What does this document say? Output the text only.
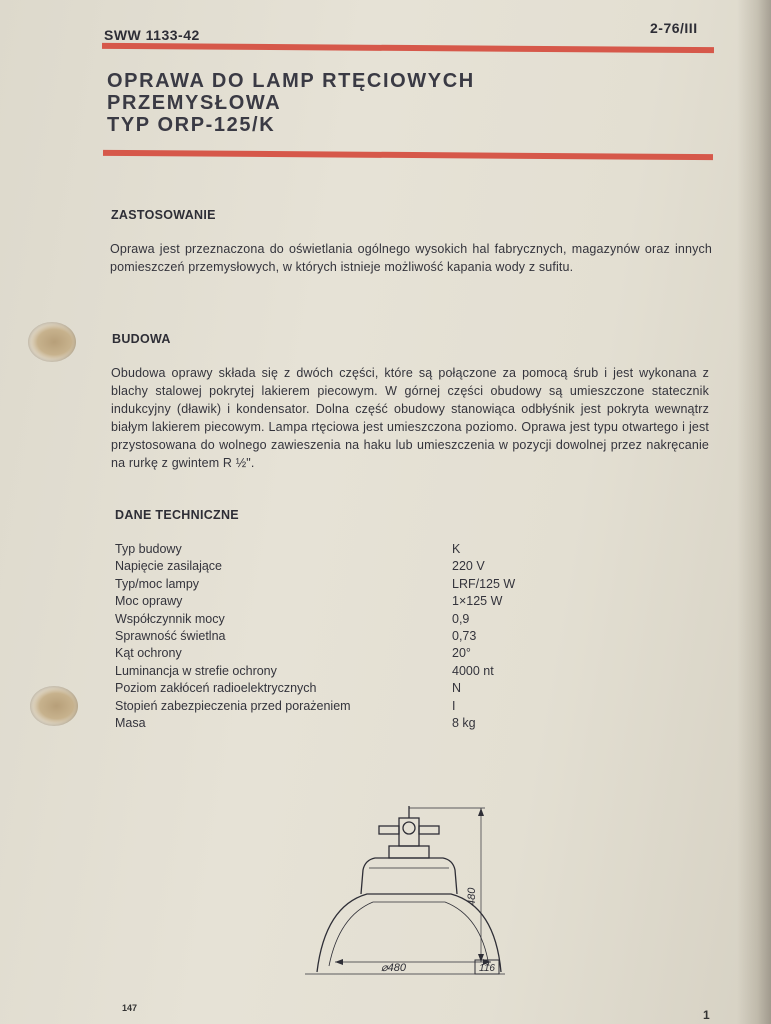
SWW 1133-42	2-76/III
OPRAWA DO LAMP RTĘCIOWYCH
PRZEMYSŁOWA
TYP ORP-125/K
ZASTOSOWANIE
Oprawa jest przeznaczona do oświetlania ogólnego wysokich hal fabrycznych, magazynów oraz innych pomieszczeń przemysłowych, w których istnieje możliwość kapania wody z sufitu.
BUDOWA
Obudowa oprawy składa się z dwóch części, które są połączone za pomocą śrub i jest wykonana z blachy stalowej pokrytej lakierem piecowym. W górnej części obudowy są umieszczone statecznik indukcyjny (dławik) i kondensator. Dolna część obudowy stanowiąca odbłyśnik jest pokryta wewnątrz białym lakierem piecowym. Lampa rtęciowa jest umieszczona poziomo. Oprawa jest typu otwartego i jest przystosowana do wolnego zawieszenia na haku lub umieszczenia w pozycji dowolnej przez nakręcanie na rurkę z gwintem R ½".
DANE TECHNICZNE
Typ budowy	K
Napięcie zasilające	220 V
Typ/moc lampy	LRF/125 W
Moc oprawy	1×125 W
Współczynnik mocy	0,9
Sprawność świetlna	0,73
Kąt ochrony	20°
Luminancja w strefie ochrony	4000 nt
Poziom zakłóceń radioelektrycznych	N
Stopień zabezpieczenia przed porażeniem	I
Masa	8 kg
480
⌀480	116
147	1
